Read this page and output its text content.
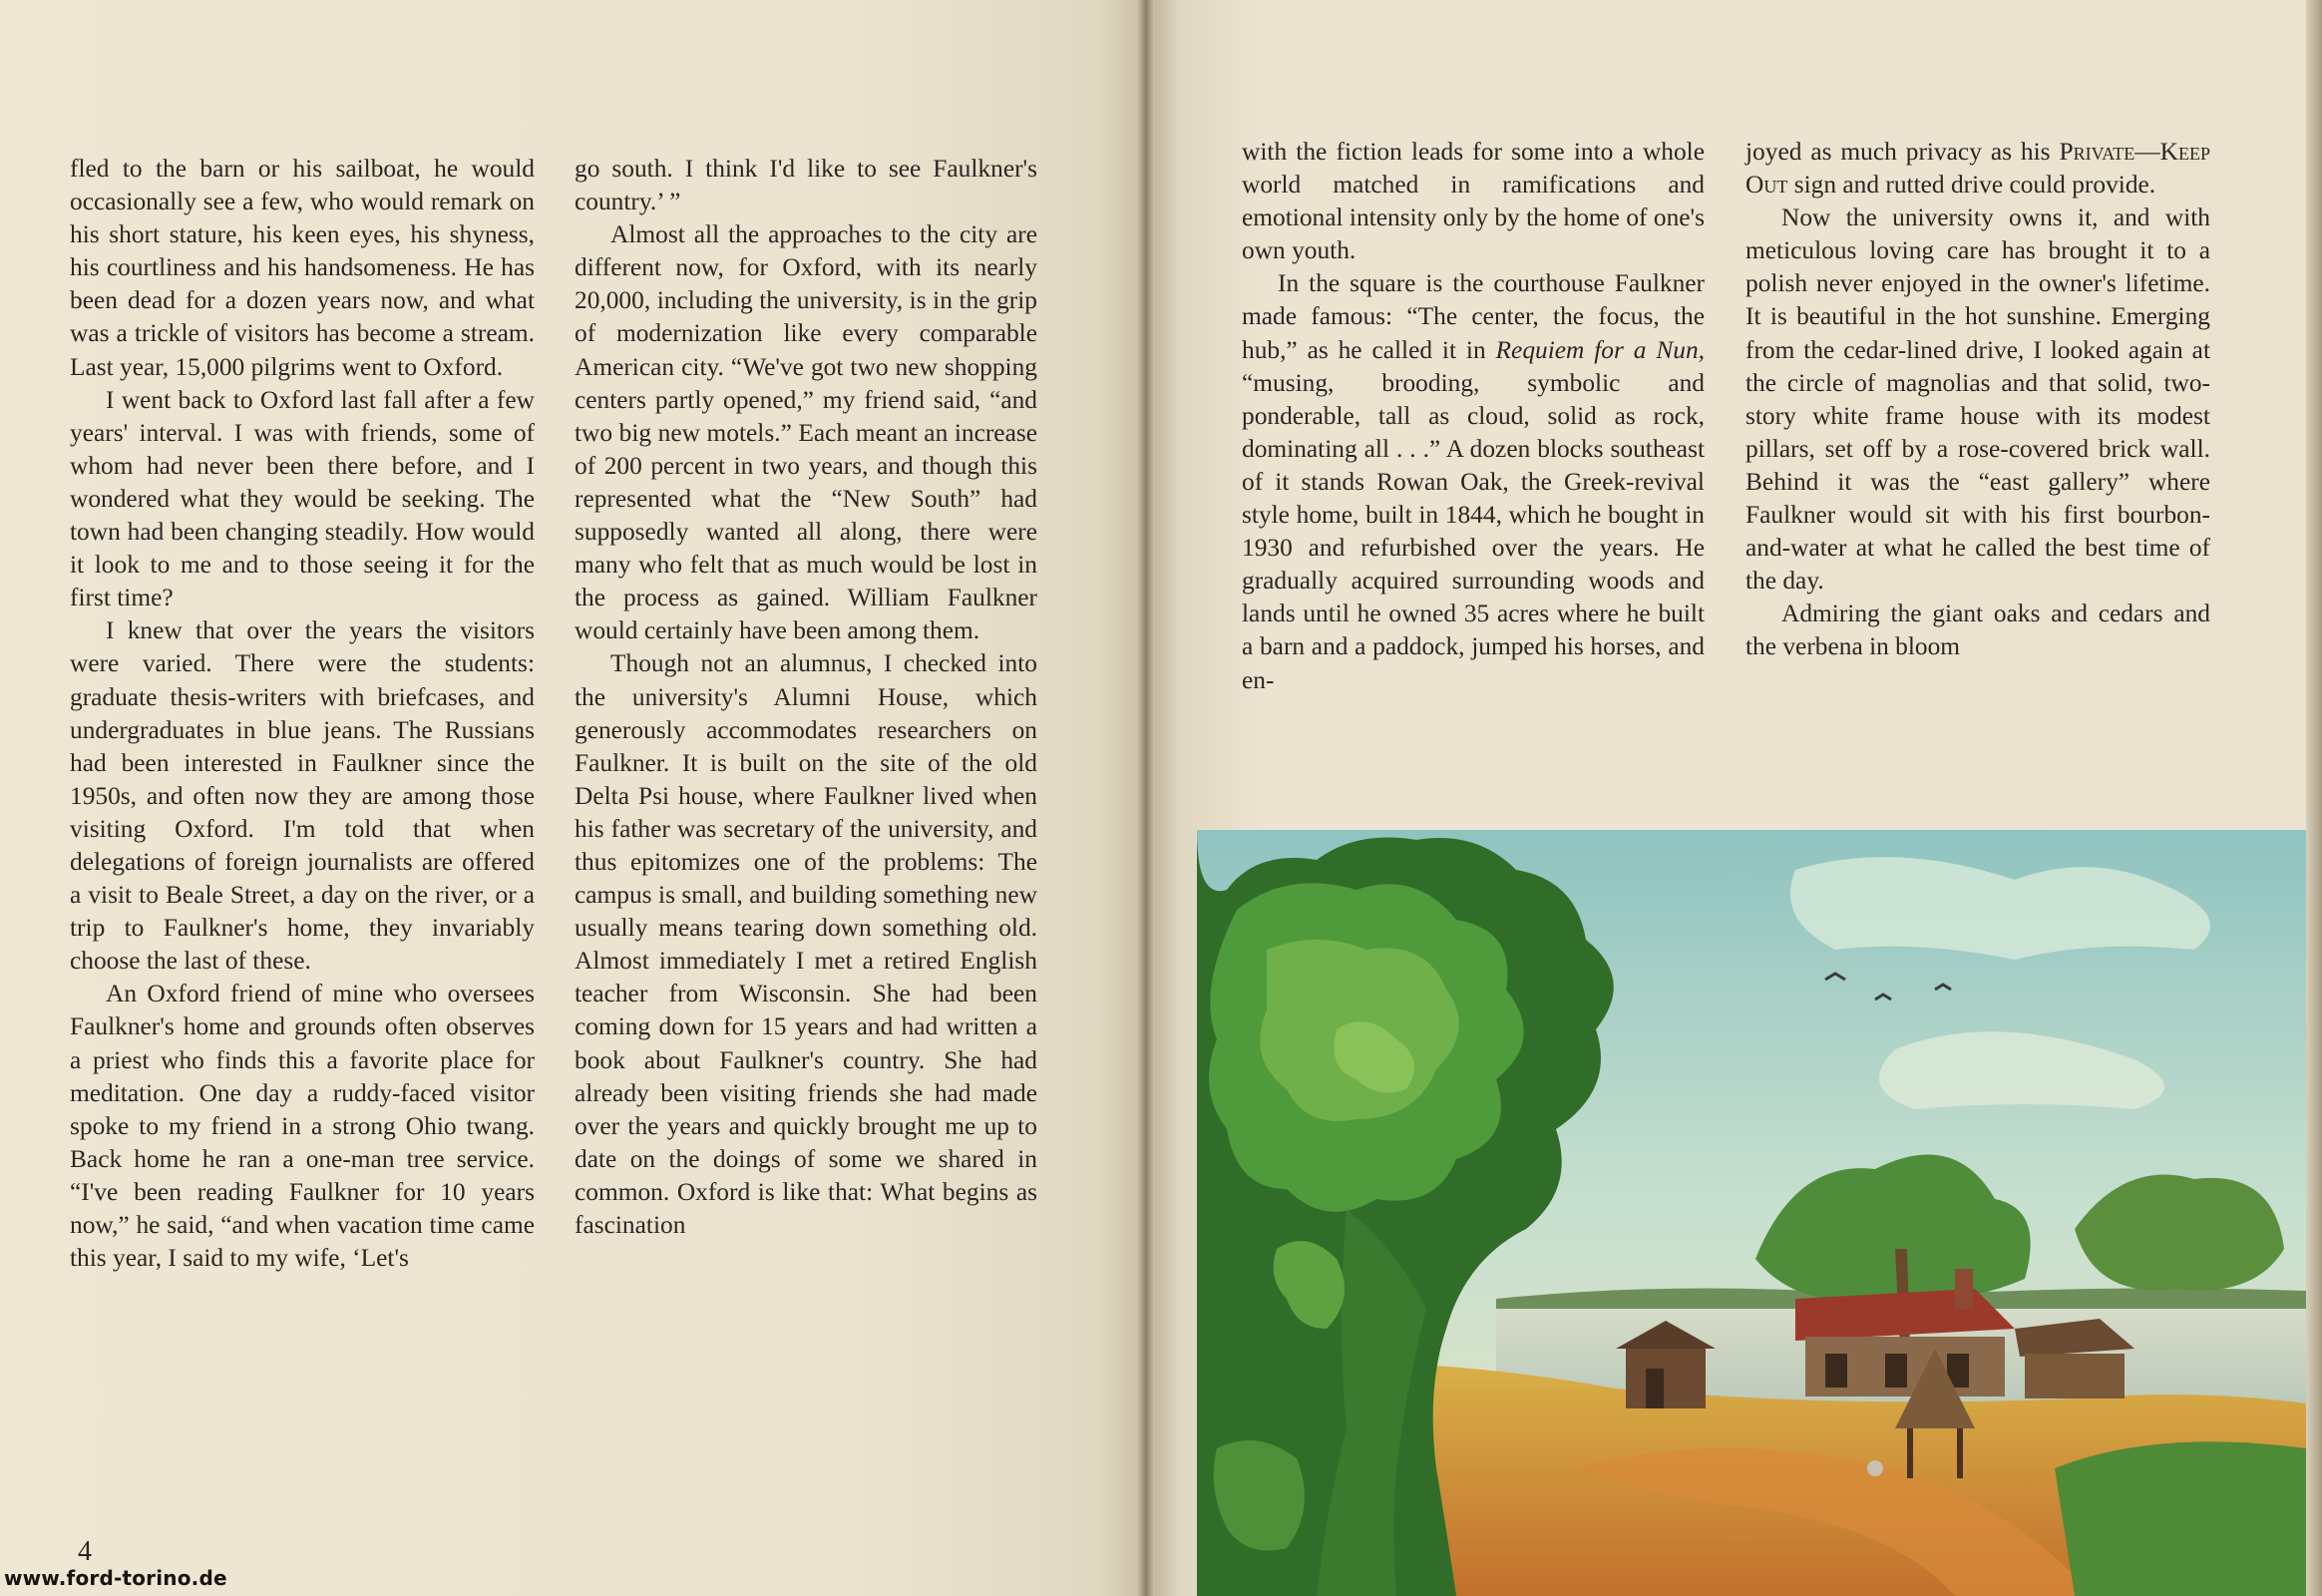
fled to the barn or his sailboat, he would occasionally see a few, who would remark on his short stature, his keen eyes, his shyness, his courtliness and his handsomeness. He has been dead for a dozen years now, and what was a trickle of visitors has become a stream. Last year, 15,000 pilgrims went to Oxford.

I went back to Oxford last fall after a few years' interval. I was with friends, some of whom had never been there before, and I wondered what they would be seeking. The town had been changing steadily. How would it look to me and to those seeing it for the first time?

I knew that over the years the visitors were varied. There were the students: graduate thesis-writers with briefcases, and undergraduates in blue jeans. The Russians had been interested in Faulkner since the 1950s, and often now they are among those visiting Oxford. I'm told that when delegations of foreign journalists are offered a visit to Beale Street, a day on the river, or a trip to Faulkner's home, they invariably choose the last of these.

An Oxford friend of mine who oversees Faulkner's home and grounds often observes a priest who finds this a favorite place for meditation. One day a ruddy-faced visitor spoke to my friend in a strong Ohio twang. Back home he ran a one-man tree service. “I've been reading Faulkner for 10 years now,” he said, “and when vacation time came this year, I said to my wife, ‘Let's

go south. I think I'd like to see Faulkner's country.’ ”

Almost all the approaches to the city are different now, for Oxford, with its nearly 20,000, including the university, is in the grip of modernization like every comparable American city. “We've got two new shopping centers partly opened,” my friend said, “and two big new motels.” Each meant an increase of 200 percent in two years, and though this represented what the “New South” had supposedly wanted all along, there were many who felt that as much would be lost in the process as gained. William Faulkner would certainly have been among them.

Though not an alumnus, I checked into the university's Alumni House, which generously accommodates researchers on Faulkner. It is built on the site of the old Delta Psi house, where Faulkner lived when his father was secretary of the university, and thus epitomizes one of the problems: The campus is small, and building something new usually means tearing down something old. Almost immediately I met a retired English teacher from Wisconsin. She had been coming down for 15 years and had written a book about Faulkner's country. She had already been visiting friends she had made over the years and quickly brought me up to date on the doings of some we shared in common. Oxford is like that: What begins as fascination

4
www.ford-torino.de

with the fiction leads for some into a whole world matched in ramifications and emotional intensity only by the home of one's own youth.

In the square is the courthouse Faulkner made famous: “The center, the focus, the hub,” as he called it in Requiem for a Nun, “musing, brooding, symbolic and ponderable, tall as cloud, solid as rock, dominating all . . .” A dozen blocks southeast of it stands Rowan Oak, the Greek-revival style home, built in 1844, which he bought in 1930 and refurbished over the years. He gradually acquired surrounding woods and lands until he owned 35 acres where he built a barn and a paddock, jumped his horses, and en-

joyed as much privacy as his Private—Keep Out sign and rutted drive could provide.

Now the university owns it, and with meticulous loving care has brought it to a polish never enjoyed in the owner's lifetime. It is beautiful in the hot sunshine. Emerging from the cedar-lined drive, I looked again at the circle of magnolias and that solid, two-story white frame house with its modest pillars, set off by a rose-covered brick wall. Behind it was the “east gallery” where Faulkner would sit with his first bourbon-and-water at what he called the best time of the day.

Admiring the giant oaks and cedars and the verbena in bloom
